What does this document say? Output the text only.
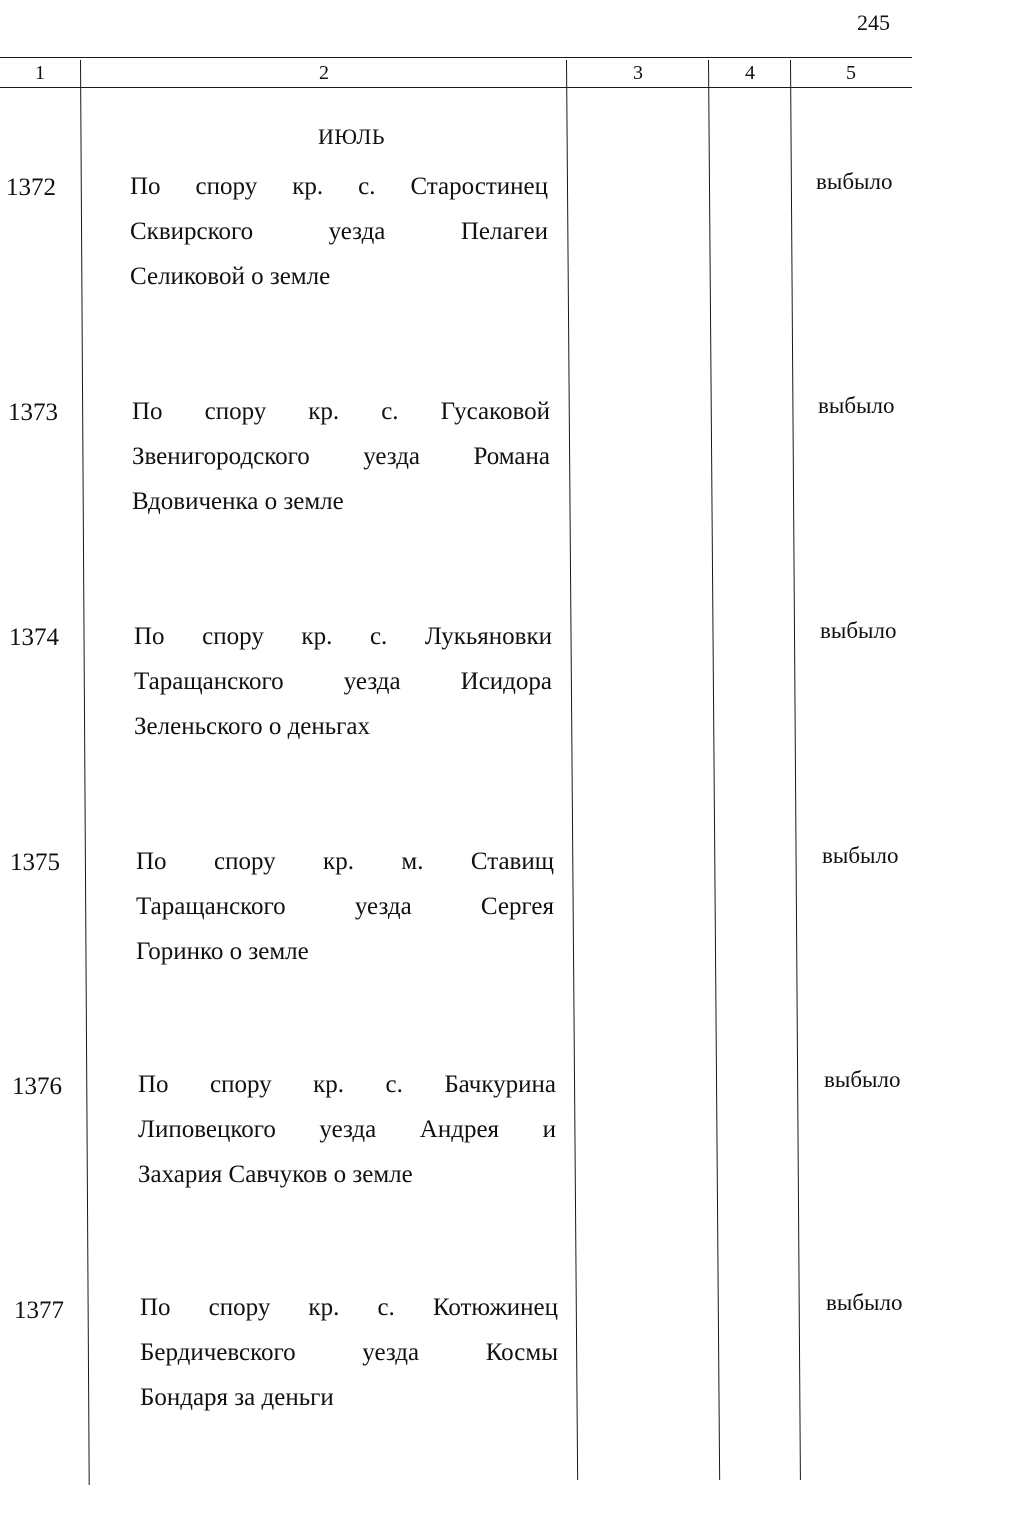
245
1	2	3	4	5
ИЮЛЬ
1372	По спору кр. с. Старостинец
Сквирского уезда Пелагеи
Селиковой о земле
выбыло
1373	По спору кр. с. Гусаковой
Звенигородского уезда Романа
Вдовиченка о земле
выбыло
1374	По спору кр. с. Лукьяновки
Таращанского уезда Исидора
Зеленьского о деньгах
выбыло
1375	По спору кр. м. Ставищ
Таращанского уезда Сергея
Горинко о земле
выбыло
1376	По спору кр. с. Бачкурина
Липовецкого уезда Андрея и
Захария Савчуков о земле
выбыло
1377	По спору кр. с. Котюжинец
Бердичевского уезда Космы
Бондаря за деньги
выбыло
